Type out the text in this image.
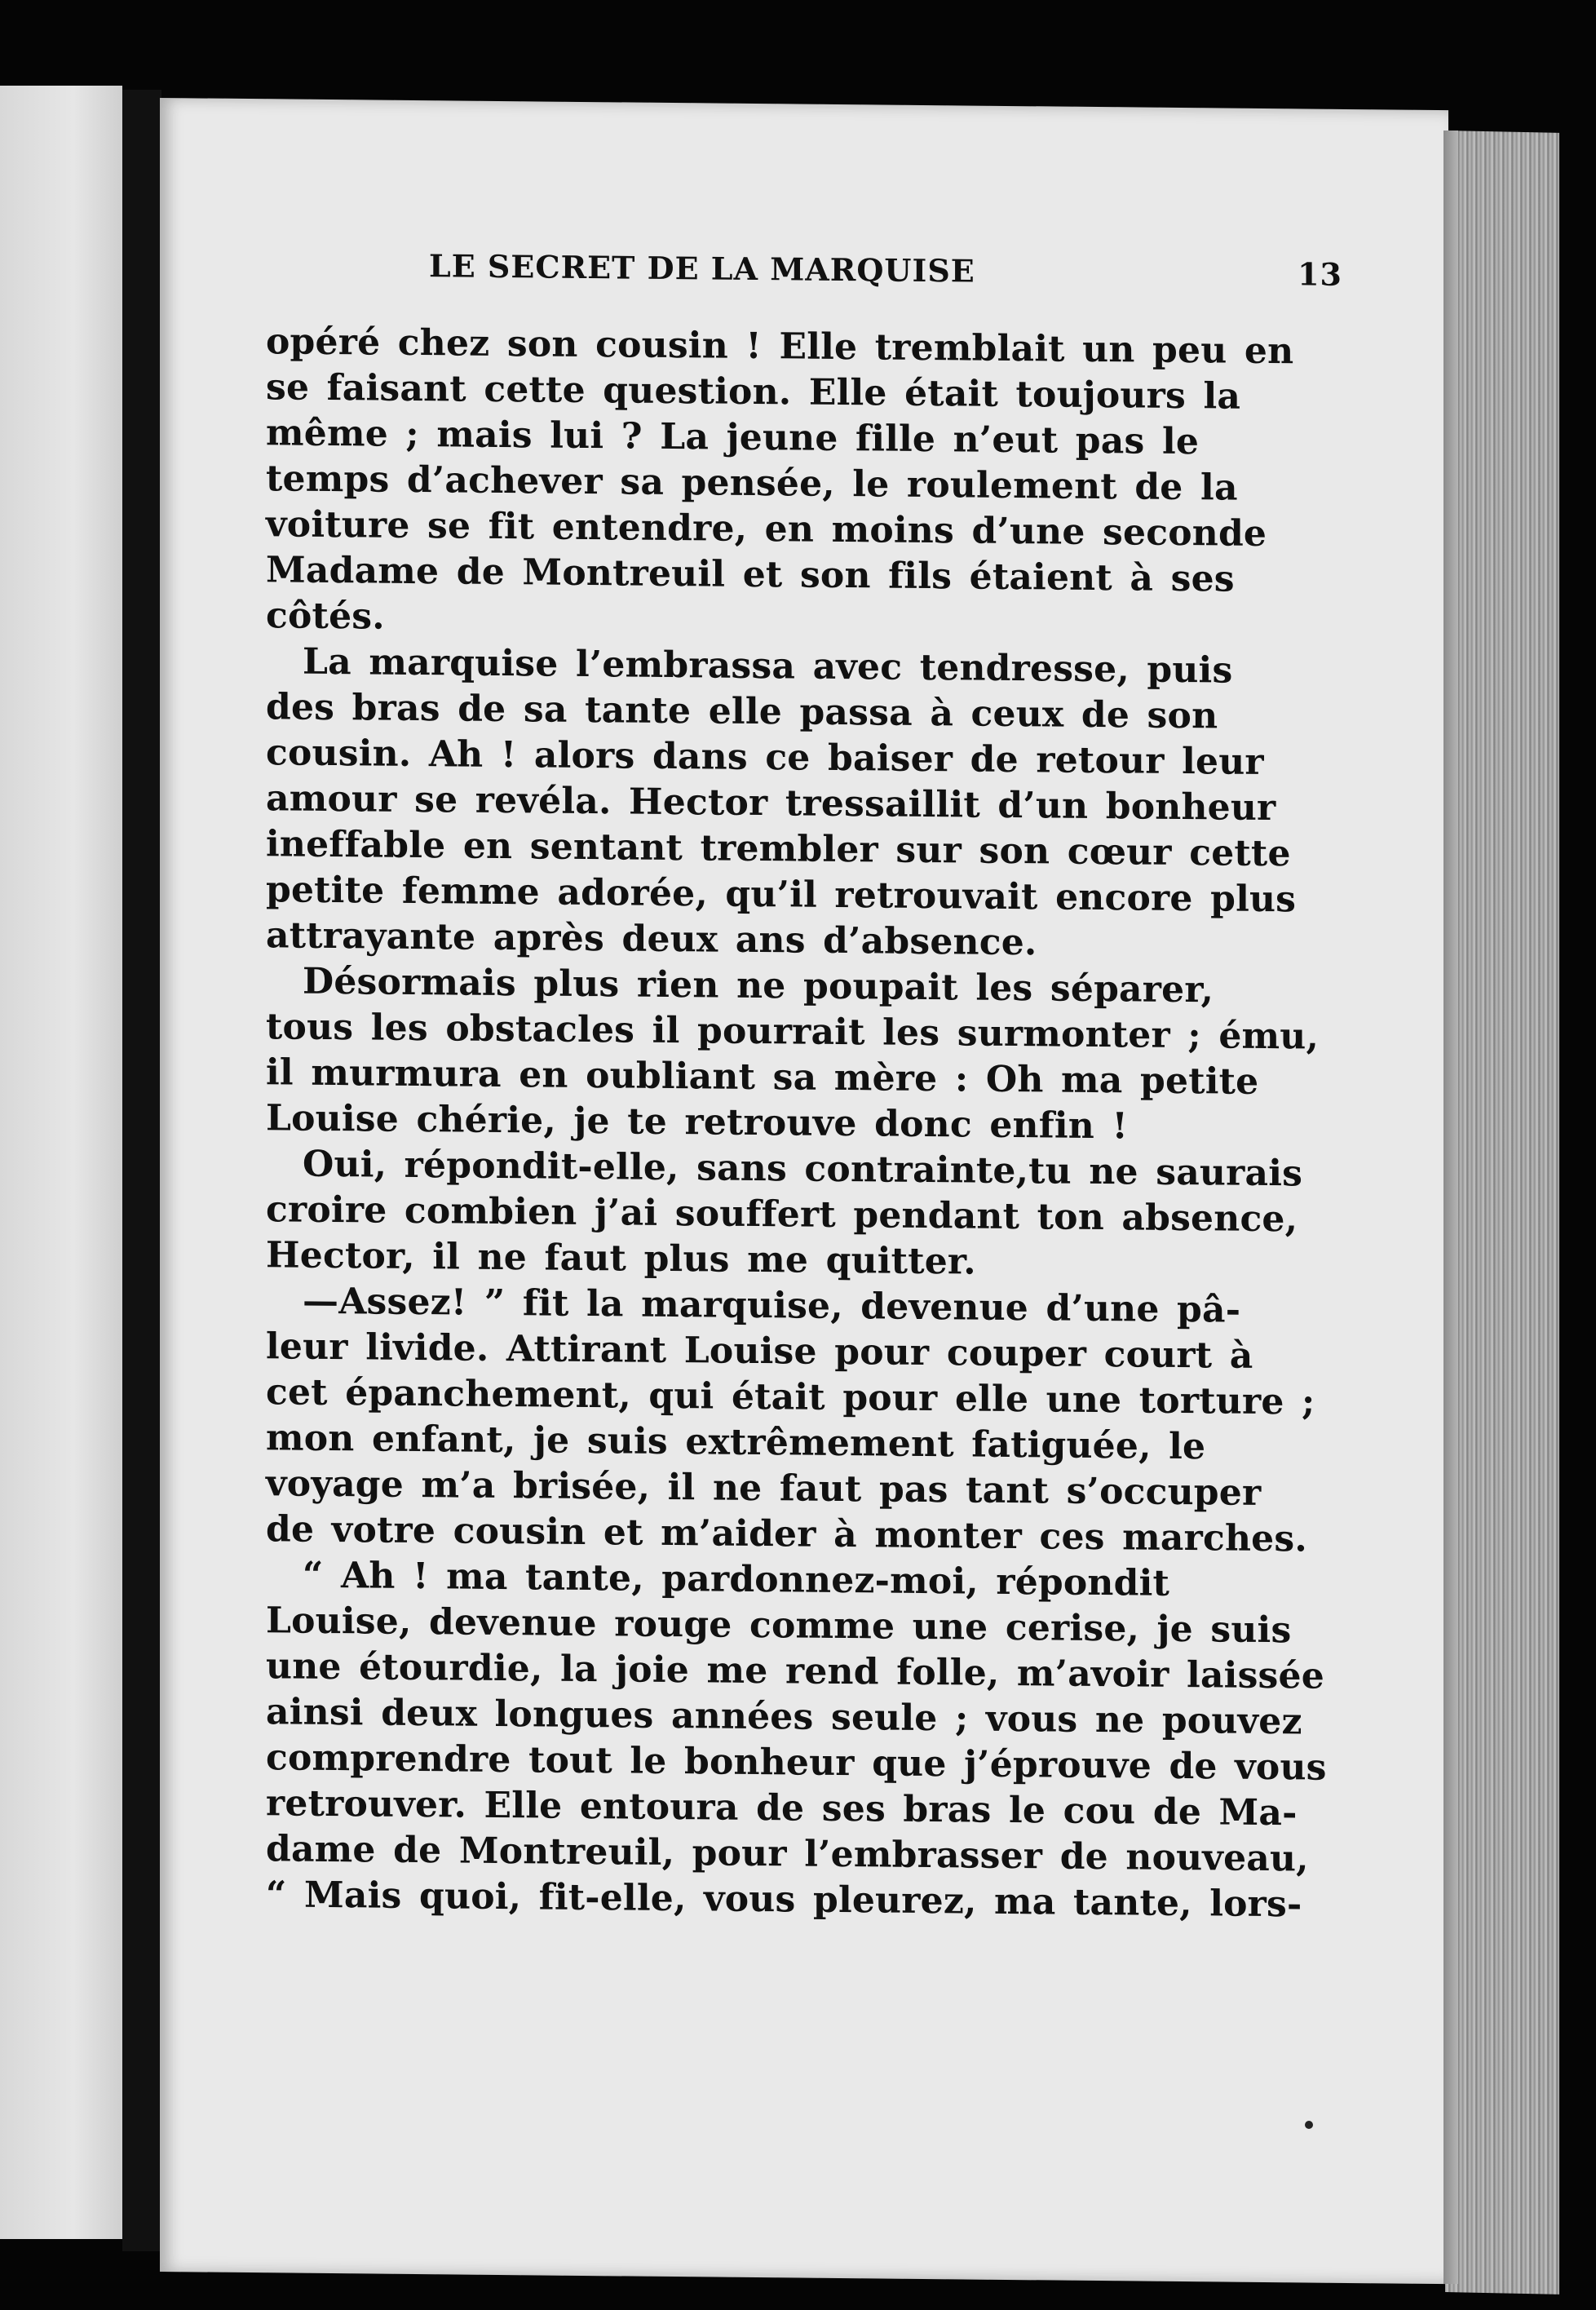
LE SECRET DE LA MARQUISE	13
opéré chez son cousin ! Elle tremblait un peu en
se faisant cette question. Elle était toujours la
même ; mais lui ? La jeune fille n’eut pas le
temps d’achever sa pensée, le roulement de la
voiture se fit entendre, en moins d’une seconde
Madame de Montreuil et son fils étaient à ses
côtés.
La marquise l’embrassa avec tendresse, puis
des bras de sa tante elle passa à ceux de son
cousin. Ah ! alors dans ce baiser de retour leur
amour se revéla. Hector tressaillit d’un bonheur
ineffable en sentant trembler sur son cœur cette
petite femme adorée, qu’il retrouvait encore plus
attrayante après deux ans d’absence.
Désormais plus rien ne poupait les séparer,
tous les obstacles il pourrait les surmonter ; ému,
il murmura en oubliant sa mère : Oh ma petite
Louise chérie, je te retrouve donc enfin !
Oui, répondit-elle, sans contrainte,tu ne saurais
croire combien j’ai souffert pendant ton absence,
Hector, il ne faut plus me quitter.
—Assez! ” fit la marquise, devenue d’une pâ-
leur livide. Attirant Louise pour couper court à
cet épanchement, qui était pour elle une torture ;
mon enfant, je suis extrêmement fatiguée, le
voyage m’a brisée, il ne faut pas tant s’occuper
de votre cousin et m’aider à monter ces marches.
“ Ah ! ma tante, pardonnez-moi, répondit
Louise, devenue rouge comme une cerise, je suis
une étourdie, la joie me rend folle, m’avoir laissée
ainsi deux longues années seule ; vous ne pouvez
comprendre tout le bonheur que j’éprouve de vous
retrouver. Elle entoura de ses bras le cou de Ma-
dame de Montreuil, pour l’embrasser de nouveau,
“ Mais quoi, fit-elle, vous pleurez, ma tante, lors-
